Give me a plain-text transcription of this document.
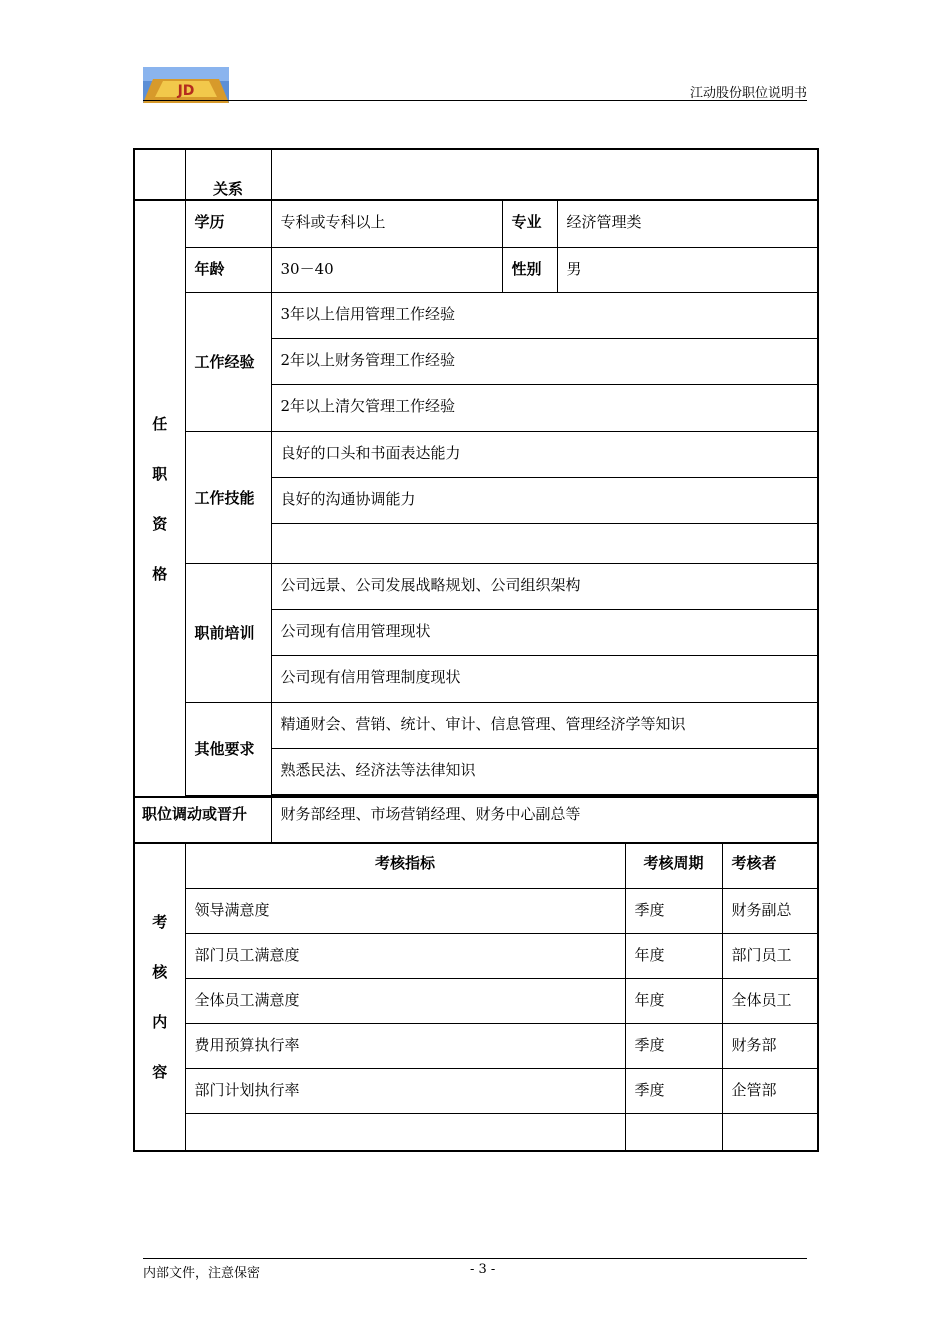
JD	江动股份职位说明书
	关系					

任
职
资
格	学历	专科或专科以上	专业	经济管理类		
	年龄	30－40	性别	男		
	工作经验	3年以上信用管理工作经验				
		2年以上财务管理工作经验				
		2年以上清欠管理工作经验				
	工作技能	良好的口头和书面表达能力				
		良好的沟通协调能力				

	职前培训	公司远景、公司发展战略规划、公司组织架构				
		公司现有信用管理现状				
		公司现有信用管理制度现状				
	其他要求	精通财会、营销、统计、审计、信息管理、管理经济学等知识				
		熟悉民法、经济法等法律知识				

职位调动或晋升		财务部经理、市场营销经理、财务中心副总等				

考
核
内
容	考核指标				考核周期	考核者
	领导满意度				季度	财务副总
	部门员工满意度				年度	部门员工
	全体员工满意度				年度	全体员工
	费用预算执行率				季度	财务部
	部门计划执行率				季度	企管部

内部文件，注意保密	- 3 -
